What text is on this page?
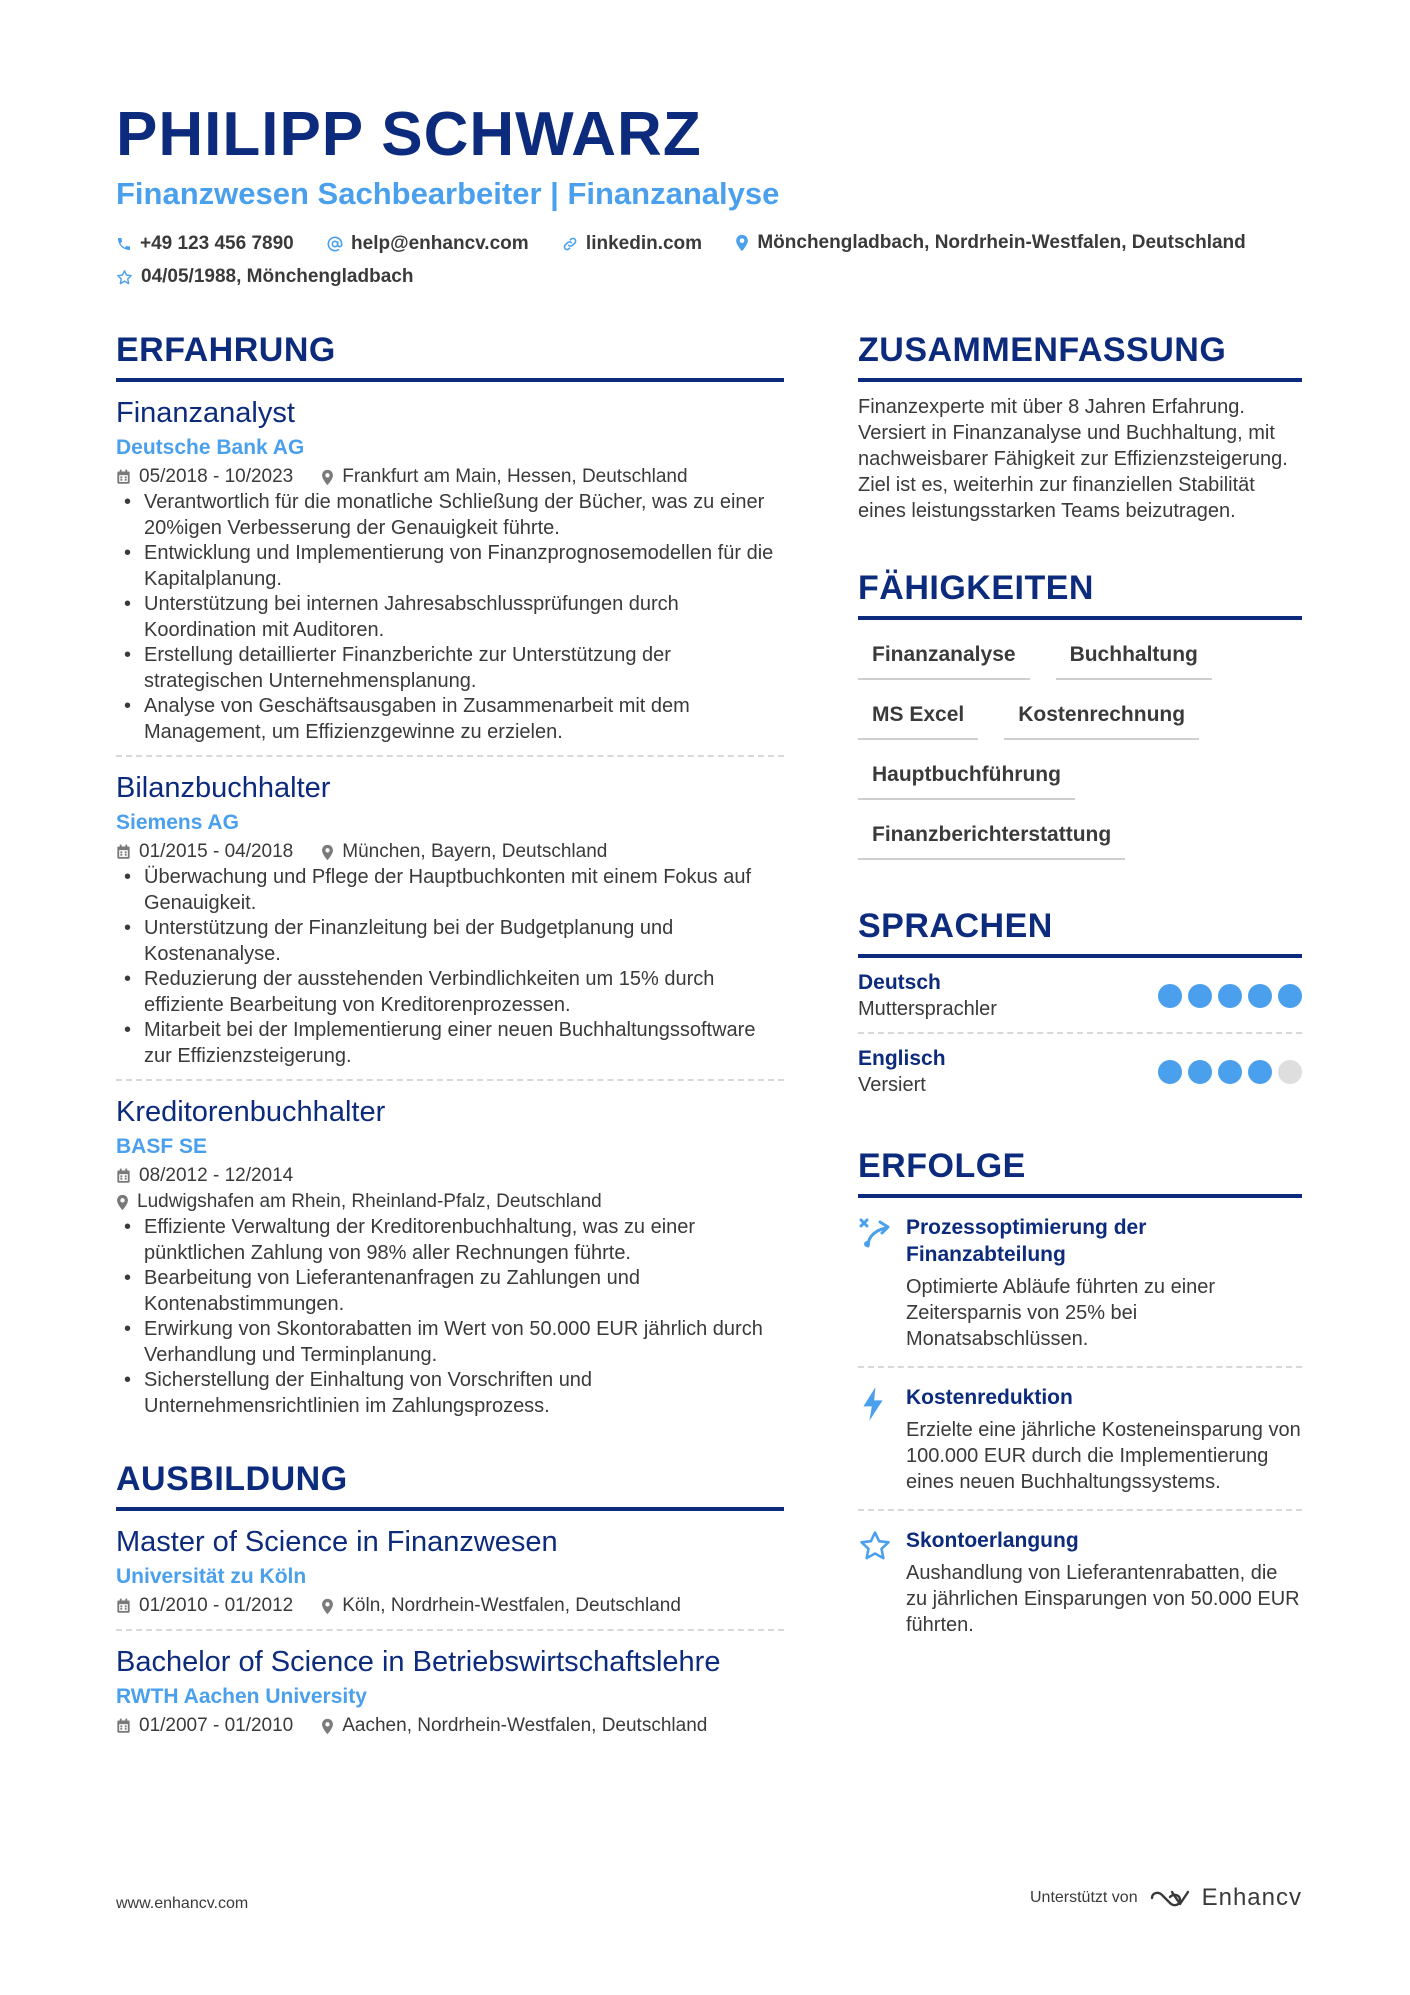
PHILIPP SCHWARZ
Finanzwesen Sachbearbeiter | Finanzanalyse
+49 123 456 7890
	help@enhancv.com
	linkedin.com
	Mönchengladbach, Nordrhein-Westfalen, Deutschland

04/05/1988, Mönchengladbach
ERFAHRUNG
Finanzanalyst
Deutsche Bank AG
05/2018 - 10/2023	Frankfurt am Main, Hessen, Deutschland
• Verantwortlich für die monatliche Schließung der Bücher, was zu einer 20%igen Verbesserung der Genauigkeit führte.
• Entwicklung und Implementierung von Finanzprognosemodellen für die Kapitalplanung.
• Unterstützung bei internen Jahresabschlussprüfungen durch Koordination mit Auditoren.
• Erstellung detaillierter Finanzberichte zur Unterstützung der strategischen Unternehmensplanung.
• Analyse von Geschäftsausgaben in Zusammenarbeit mit dem Management, um Effizienzgewinne zu erzielen.
Bilanzbuchhalter
Siemens AG
01/2015 - 04/2018	München, Bayern, Deutschland
• Überwachung und Pflege der Hauptbuchkonten mit einem Fokus auf Genauigkeit.
• Unterstützung der Finanzleitung bei der Budgetplanung und Kostenanalyse.
• Reduzierung der ausstehenden Verbindlichkeiten um 15% durch effiziente Bearbeitung von Kreditorenprozessen.
• Mitarbeit bei der Implementierung einer neuen Buchhaltungssoftware zur Effizienzsteigerung.
Kreditorenbuchhalter
BASF SE
08/2012 - 12/2014
Ludwigshafen am Rhein, Rheinland-Pfalz, Deutschland
• Effiziente Verwaltung der Kreditorenbuchhaltung, was zu einer pünktlichen Zahlung von 98% aller Rechnungen führte.
• Bearbeitung von Lieferantenanfragen zu Zahlungen und Kontenabstimmungen.
• Erwirkung von Skontorabatten im Wert von 50.000 EUR jährlich durch Verhandlung und Terminplanung.
• Sicherstellung der Einhaltung von Vorschriften und Unternehmensrichtlinien im Zahlungsprozess.
AUSBILDUNG
Master of Science in Finanzwesen
Universität zu Köln
01/2010 - 01/2012	Köln, Nordrhein-Westfalen, Deutschland
Bachelor of Science in Betriebswirtschaftslehre
RWTH Aachen University
01/2007 - 01/2010	Aachen, Nordrhein-Westfalen, Deutschland
ZUSAMMENFASSUNG
Finanzexperte mit über 8 Jahren Erfahrung. Versiert in Finanzanalyse und Buchhaltung, mit nachweisbarer Fähigkeit zur Effizienzsteigerung. Ziel ist es, weiterhin zur finanziellen Stabilität eines leistungsstarken Teams beizutragen.
FÄHIGKEITEN
Finanzanalyse	Buchhaltung
MS Excel	Kostenrechnung
Hauptbuchführung
Finanzberichterstattung
SPRACHEN
Deutsch
Muttersprachler
Englisch
Versiert
ERFOLGE
Prozessoptimierung der Finanzabteilung
Optimierte Abläufe führten zu einer Zeitersparnis von 25% bei Monatsabschlüssen.
Kostenreduktion
Erzielte eine jährliche Kosteneinsparung von 100.000 EUR durch die Implementierung eines neuen Buchhaltungssystems.
Skontoerlangung
Aushandlung von Lieferantenrabatten, die zu jährlichen Einsparungen von 50.000 EUR führten.
www.enhancv.com	Unterstützt von	Enhancv
